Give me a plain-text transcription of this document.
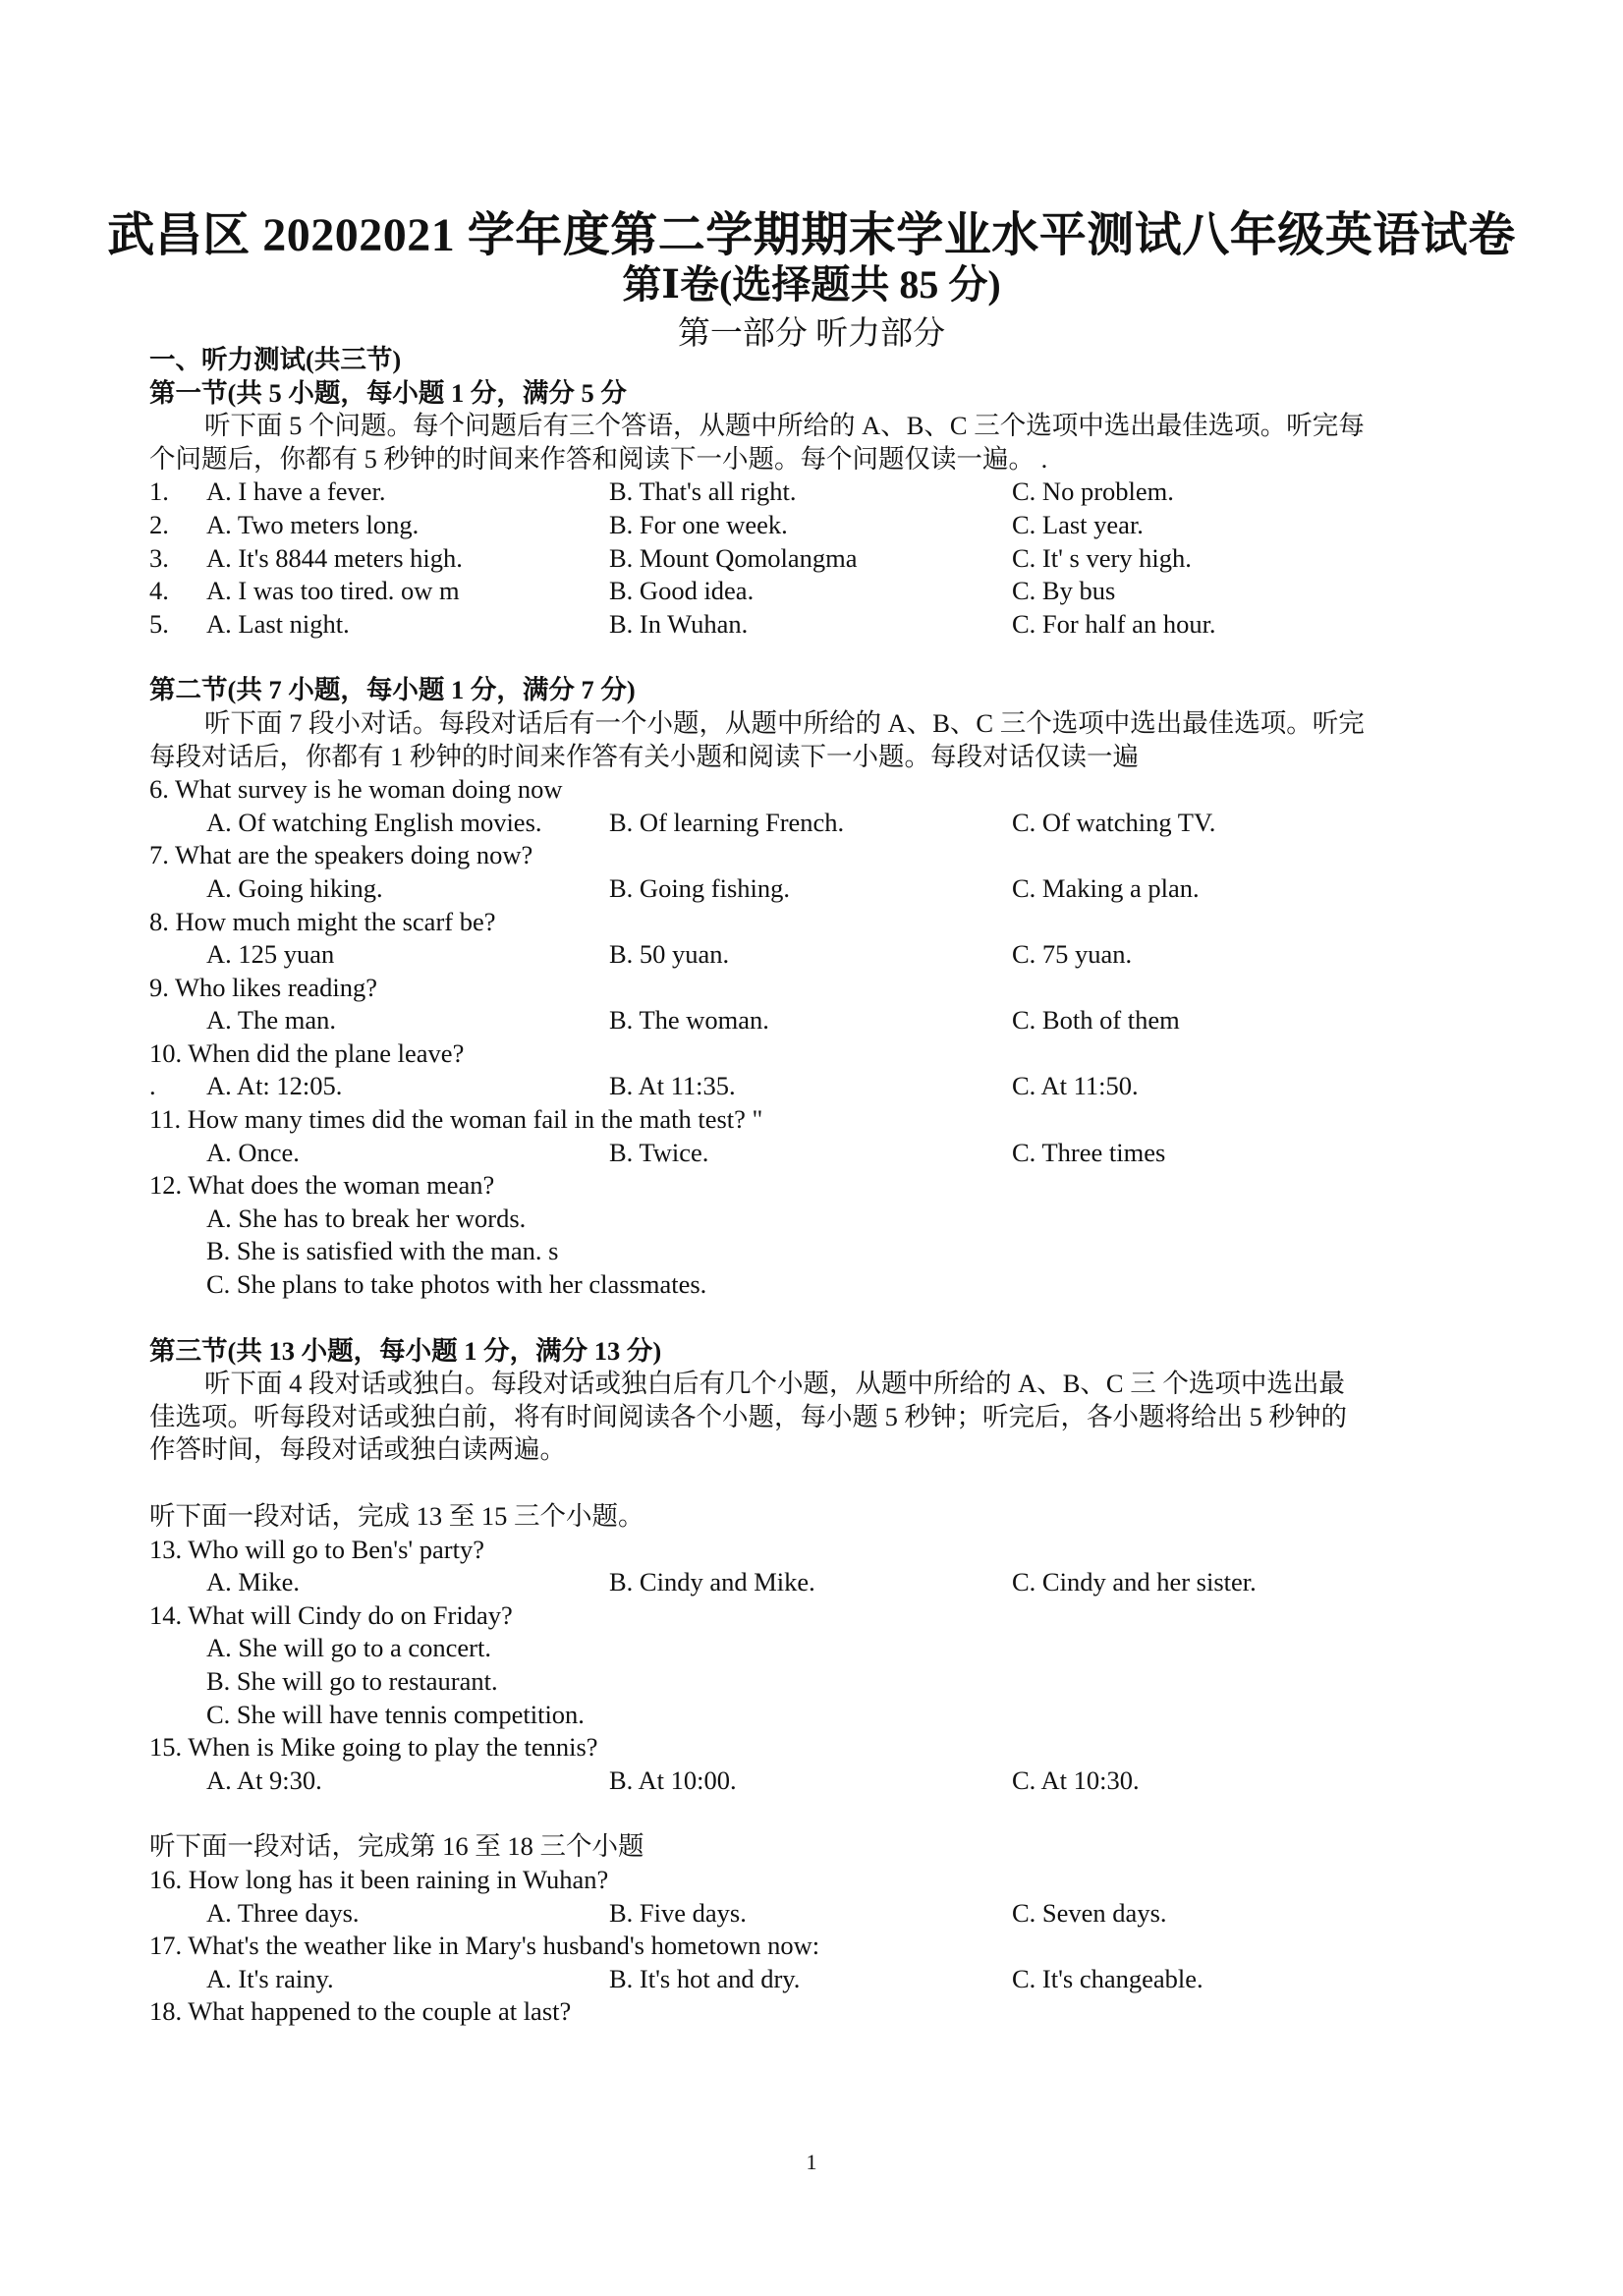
武昌区 20202021 学年度第二学期期末学业水平测试八年级英语试卷
第Ⅰ卷(选择题共 85 分)
第一部分 听力部分
一、听力测试(共三节)
第一节(共 5 小题，每小题 1 分，满分 5 分
听下面 5 个问题。每个问题后有三个答语，从题中所给的 A、B、C 三个选项中选出最佳选项。听完每
个问题后，你都有 5 秒钟的时间来作答和阅读下一小题。每个问题仅读一遍。 .
1. A. I have a fever.	B. That's all right.	C. No problem.
2. A. Two meters long.	B. For one week.	C. Last year.
3. A. It's 8844 meters high.	B. Mount Qomolangma	C. It' s very high.
4. A. I was too tired. ow m	B. Good idea.	C. By bus
5. A. Last night.	B. In Wuhan.	C. For half an hour.
第二节(共 7 小题，每小题 1 分，满分 7 分)
听下面 7 段小对话。每段对话后有一个小题，从题中所给的 A、B、C 三个选项中选出最佳选项。听完
每段对话后，你都有 1 秒钟的时间来作答有关小题和阅读下一小题。每段对话仅读一遍
6. What survey is he woman doing now
A. Of watching English movies.	B. Of learning French.	C. Of watching TV.
7. What are the speakers doing now?
A. Going hiking.	B. Going fishing.	C. Making a plan.
8. How much might the scarf be?
A. 125 yuan	B. 50 yuan.	C. 75 yuan.
9. Who likes reading?
A. The man.	B. The woman.	C. Both of them
10. When did the plane leave?
. A. At: 12:05.	B. At 11:35.	C. At 11:50.
11. How many times did the woman fail in the math test? "
A. Once.	B. Twice.	C. Three times
12. What does the woman mean?
A. She has to break her words.
B. She is satisfied with the man. s
C. She plans to take photos with her classmates.
第三节(共 13 小题，每小题 1 分，满分 13 分)
听下面 4 段对话或独白。每段对话或独白后有几个小题，从题中所给的 A、B、C 三 个选项中选出最
佳选项。听每段对话或独白前，将有时间阅读各个小题，每小题 5 秒钟；听完后，各小题将给出 5 秒钟的
作答时间，每段对话或独白读两遍。
听下面一段对话，完成 13 至 15 三个小题。
13. Who will go to Ben's' party?
A. Mike.	B. Cindy and Mike.	C. Cindy and her sister.
14. What will Cindy do on Friday?
A. She will go to a concert.
B. She will go to restaurant.
C. She will have tennis competition.
15. When is Mike going to play the tennis?
A. At 9:30.	B. At 10:00.	C. At 10:30.
听下面一段对话，完成第 16 至 18 三个小题
16. How long has it been raining in Wuhan?
A. Three days.	B. Five days.	C. Seven days.
17. What's the weather like in Mary's husband's hometown now:
A. It's rainy.	B. It's hot and dry.	C. It's changeable.
18. What happened to the couple at last?
1
